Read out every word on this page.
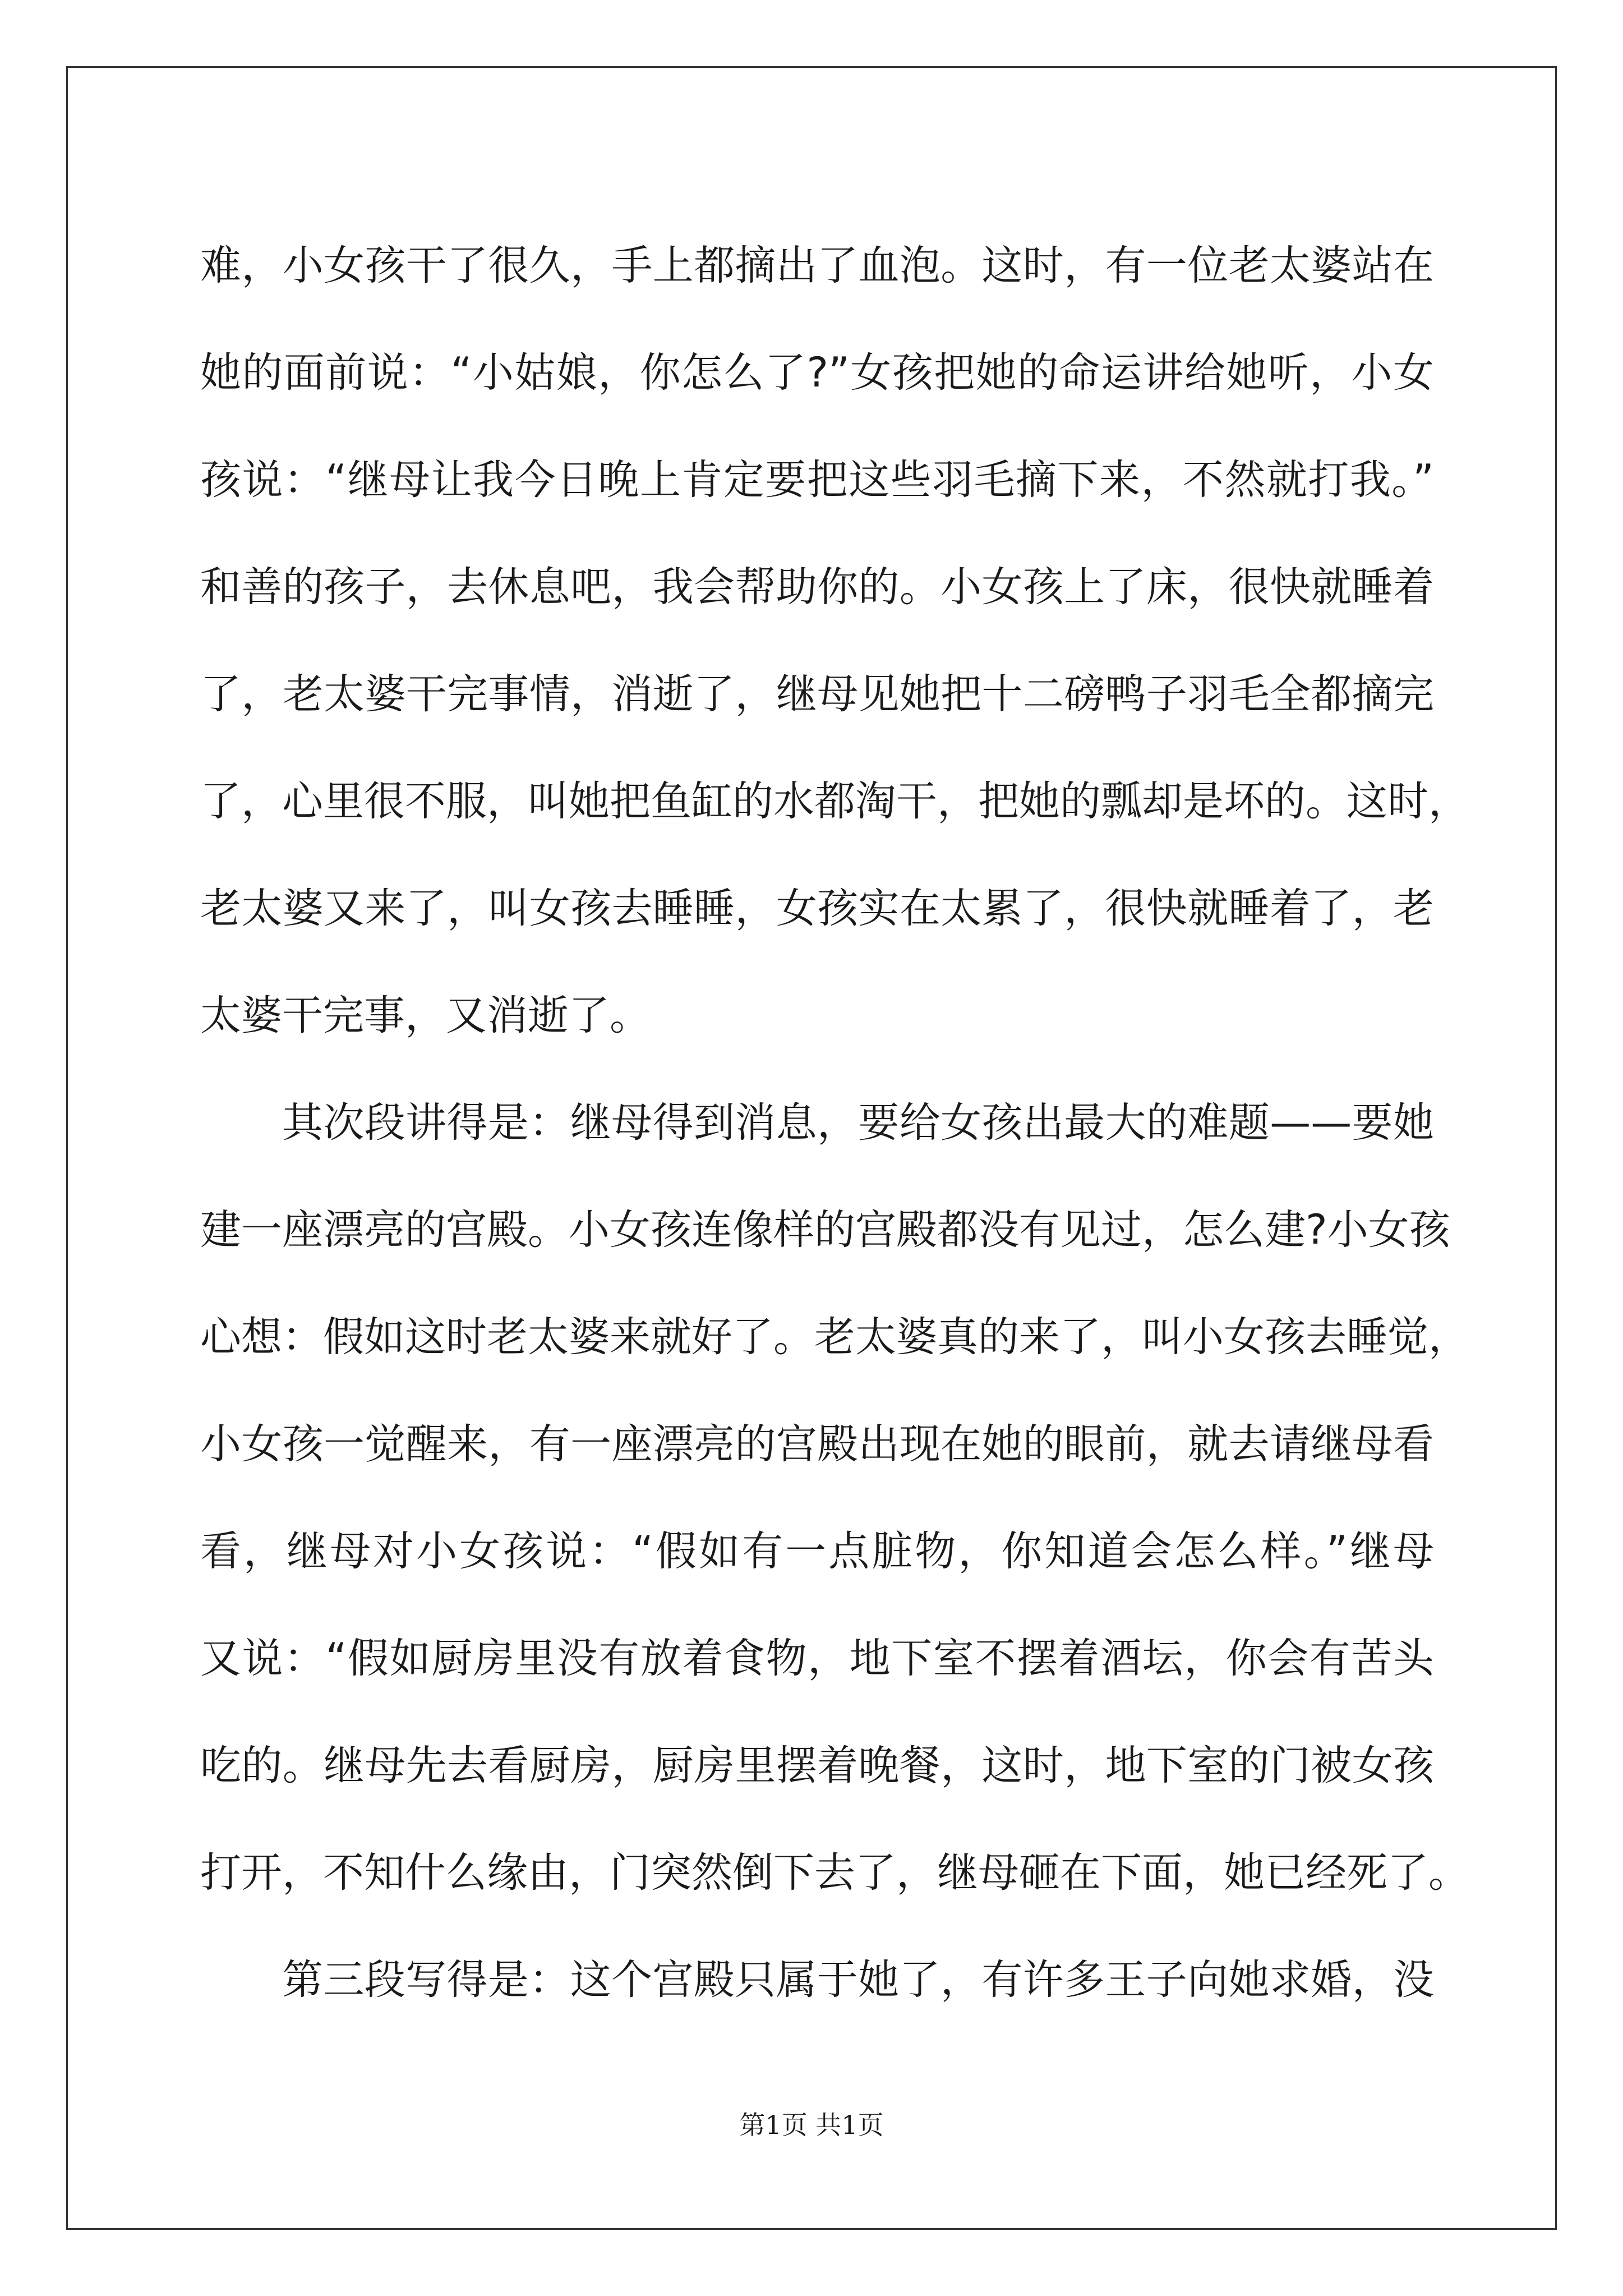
难，小女孩干了很久，手上都摘出了血泡。这时，有一位老太婆站在
她的面前说：“小姑娘，你怎么了?”女孩把她的命运讲给她听，小女
孩说：“继母让我今日晚上肯定要把这些羽毛摘下来，不然就打我。”
和善的孩子，去休息吧，我会帮助你的。小女孩上了床，很快就睡着
了，老太婆干完事情，消逝了，继母见她把十二磅鸭子羽毛全都摘完
了，心里很不服，叫她把鱼缸的水都淘干，把她的瓢却是坏的。这时，
老太婆又来了，叫女孩去睡睡，女孩实在太累了，很快就睡着了，老
太婆干完事，又消逝了。
其次段讲得是：继母得到消息，要给女孩出最大的难题——要她
建一座漂亮的宫殿。小女孩连像样的宫殿都没有见过，怎么建?小女孩
心想：假如这时老太婆来就好了。老太婆真的来了，叫小女孩去睡觉，
小女孩一觉醒来，有一座漂亮的宫殿出现在她的眼前，就去请继母看
看，继母对小女孩说：“假如有一点脏物，你知道会怎么样。”继母
又说：“假如厨房里没有放着食物，地下室不摆着酒坛，你会有苦头
吃的。继母先去看厨房，厨房里摆着晚餐，这时，地下室的门被女孩
打开，不知什么缘由，门突然倒下去了，继母砸在下面，她已经死了。
第三段写得是：这个宫殿只属于她了，有许多王子向她求婚，没
第1页 共1页
